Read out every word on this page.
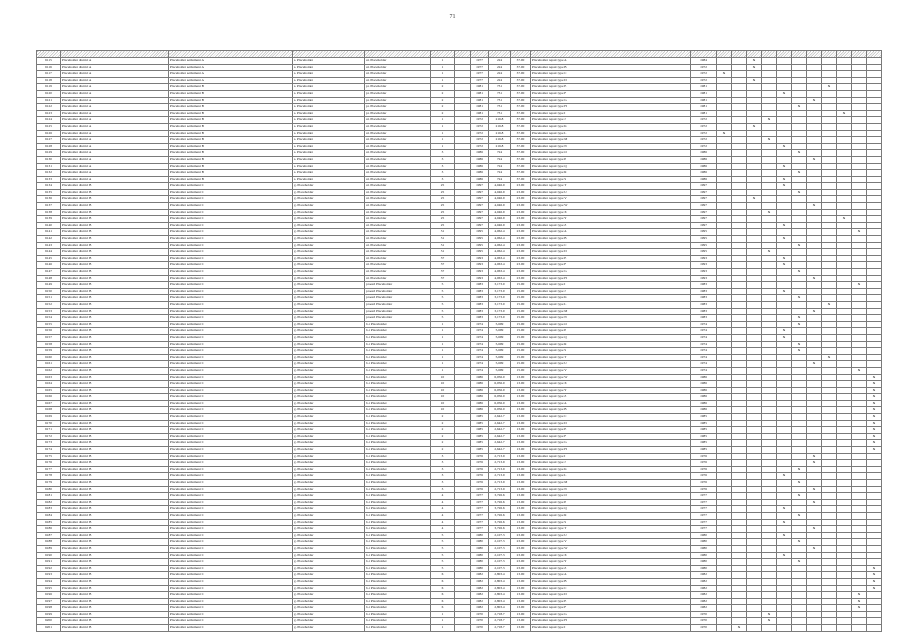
71

6115	Placeholder district A	Placeholder settlement A	s. Placeholder	ul. Placeholder	1		1977	224	37.00	Placeholder repair type A	1984			X								
6116	Placeholder district A	Placeholder settlement A	s. Placeholder	ul. Placeholder	1		1977	224	37.00	Placeholder repair type B	1972			X								
6117	Placeholder district A	Placeholder settlement A	s. Placeholder	ul. Placeholder	1		1977	224	37.00	Placeholder repair type C	1972	X										
6118	Placeholder district A	Placeholder settlement A	s. Placeholder	ul. Placeholder	1		1977	224	37.00	Placeholder repair type D	1972			X								
6119	Placeholder district A	Placeholder settlement B	s. Placeholder	pr. Placeholder	2		1981	731	37.00	Placeholder repair type E	1981								X			
6120	Placeholder district A	Placeholder settlement B	s. Placeholder	pr. Placeholder	2		1981	731	37.00	Placeholder repair type F	1981					X						
6121	Placeholder district A	Placeholder settlement B	s. Placeholder	pr. Placeholder	2		1981	731	37.00	Placeholder repair type G	1981							X				
6122	Placeholder district A	Placeholder settlement B	s. Placeholder	pr. Placeholder	2		1981	731	37.00	Placeholder repair type H	1981						X					
6123	Placeholder district A	Placeholder settlement B	s. Placeholder	pr. Placeholder	2		1981	731	37.00	Placeholder repair type I	1981									X		
6124	Placeholder district A	Placeholder settlement B	s. Placeholder	ul. Placeholder	1		1972	216.8	37.00	Placeholder repair type J	1972				X							
6125	Placeholder district A	Placeholder settlement B	s. Placeholder	ul. Placeholder	1		1972	216.8	37.00	Placeholder repair type K	1972			X								
6126	Placeholder district A	Placeholder settlement B	s. Placeholder	ul. Placeholder	1		1972	216.8	37.00	Placeholder repair type L	1972	X										
6127	Placeholder district A	Placeholder settlement B	s. Placeholder	ul. Placeholder	1		1972	216.8	37.00	Placeholder repair type M	1972				X							
6128	Placeholder district A	Placeholder settlement B	s. Placeholder	ul. Placeholder	1		1972	216.8	37.00	Placeholder repair type N	1972					X						
6129	Placeholder district A	Placeholder settlement B	s. Placeholder	ul. Placeholder	3		1986	724	37.00	Placeholder repair type O	1986						X					
6130	Placeholder district A	Placeholder settlement B	s. Placeholder	ul. Placeholder	3		1986	724	37.00	Placeholder repair type P	1986							X				
6131	Placeholder district A	Placeholder settlement B	s. Placeholder	ul. Placeholder	3		1986	724	37.00	Placeholder repair type Q	1986					X						
6132	Placeholder district A	Placeholder settlement B	s. Placeholder	ul. Placeholder	3		1986	724	37.00	Placeholder repair type R	1986						X					
6133	Placeholder district A	Placeholder settlement B	s. Placeholder	ul. Placeholder	3		1986	724	37.00	Placeholder repair type S	1986					X						
6134	Placeholder district B	Placeholder settlement C	g. Placeholder	ul. Placeholder	25		1997	4,046.9	23.00	Placeholder repair type T	1997					X						
6135	Placeholder district B	Placeholder settlement C	g. Placeholder	ul. Placeholder	25		1997	4,046.9	23.00	Placeholder repair type U	1997						X					
6136	Placeholder district B	Placeholder settlement C	g. Placeholder	ul. Placeholder	25		1997	4,046.9	23.00	Placeholder repair type V	1997			X								
6137	Placeholder district B	Placeholder settlement C	g. Placeholder	ul. Placeholder	25		1997	4,046.9	23.00	Placeholder repair type W	1997							X				
6138	Placeholder district B	Placeholder settlement C	g. Placeholder	ul. Placeholder	25		1997	4,046.9	23.00	Placeholder repair type X	1997				X							
6139	Placeholder district B	Placeholder settlement C	g. Placeholder	ul. Placeholder	25		1997	4,046.9	23.00	Placeholder repair type Y	1997									X		
6140	Placeholder district B	Placeholder settlement C	g. Placeholder	ul. Placeholder	25		1997	4,046.9	23.00	Placeholder repair type Z	1997					X						
6141	Placeholder district B	Placeholder settlement C	g. Placeholder	ul. Placeholder	31		1995	4,062.4	23.00	Placeholder repair type A	1995										X	
6142	Placeholder district B	Placeholder settlement C	g. Placeholder	ul. Placeholder	31		1995	4,062.4	23.00	Placeholder repair type B	1995					X						
6143	Placeholder district B	Placeholder settlement C	g. Placeholder	ul. Placeholder	31		1995	4,062.4	23.00	Placeholder repair type C	1995						X					
6144	Placeholder district B	Placeholder settlement C	g. Placeholder	ul. Placeholder	31		1995	4,062.4	23.00	Placeholder repair type D	1995				X							
6145	Placeholder district B	Placeholder settlement C	g. Placeholder	ul. Placeholder	37		1993	4,063.4	23.00	Placeholder repair type E	1993					X						
6146	Placeholder district B	Placeholder settlement C	g. Placeholder	ul. Placeholder	37		1993	4,063.4	23.00	Placeholder repair type F	1993					X						
6147	Placeholder district B	Placeholder settlement C	g. Placeholder	ul. Placeholder	37		1993	4,063.4	23.00	Placeholder repair type G	1993						X					
6148	Placeholder district B	Placeholder settlement C	g. Placeholder	ul. Placeholder	37		1993	4,063.4	23.00	Placeholder repair type H	1993							X				
6149	Placeholder district B	Placeholder settlement C	g. Placeholder	proezd Placeholder	5		1983	3,173.0	15.00	Placeholder repair type I	1983										X	
6150	Placeholder district B	Placeholder settlement C	g. Placeholder	proezd Placeholder	5		1983	3,173.0	15.00	Placeholder repair type J	1983					X						
6151	Placeholder district B	Placeholder settlement C	g. Placeholder	proezd Placeholder	5		1983	3,173.0	15.00	Placeholder repair type K	1983						X					
6152	Placeholder district B	Placeholder settlement C	g. Placeholder	proezd Placeholder	5		1983	3,173.0	15.00	Placeholder repair type L	1983								X			
6153	Placeholder district B	Placeholder settlement C	g. Placeholder	proezd Placeholder	5		1983	3,173.0	15.00	Placeholder repair type M	1983							X				
6154	Placeholder district B	Placeholder settlement C	g. Placeholder	proezd Placeholder	5		1983	3,173.0	15.00	Placeholder repair type N	1983						X					
6155	Placeholder district B	Placeholder settlement C	g. Placeholder	b-r Placeholder	1		1974	5,699	15.00	Placeholder repair type O	1974						X					
6156	Placeholder district B	Placeholder settlement C	g. Placeholder	b-r Placeholder	1		1974	5,699	15.00	Placeholder repair type P	1974					X						
6157	Placeholder district B	Placeholder settlement C	g. Placeholder	b-r Placeholder	1		1974	5,699	15.00	Placeholder repair type Q	1974					X						
6158	Placeholder district B	Placeholder settlement C	g. Placeholder	b-r Placeholder	1		1974	5,699	15.00	Placeholder repair type R	1974						X					
6159	Placeholder district B	Placeholder settlement C	g. Placeholder	b-r Placeholder	1		1974	5,699	15.00	Placeholder repair type S	1974						X					
6160	Placeholder district B	Placeholder settlement C	g. Placeholder	b-r Placeholder	1		1974	5,699	15.00	Placeholder repair type T	1974								X			
6161	Placeholder district B	Placeholder settlement C	g. Placeholder	b-r Placeholder	1		1974	5,699	15.00	Placeholder repair type U	1974							X				
6162	Placeholder district B	Placeholder settlement C	g. Placeholder	b-r Placeholder	1		1974	5,699	15.00	Placeholder repair type V	1974										X	
6163	Placeholder district B	Placeholder settlement C	g. Placeholder	b-r Placeholder	10		1986	6,056.0	13.00	Placeholder repair type W	1986											X
6164	Placeholder district B	Placeholder settlement C	g. Placeholder	b-r Placeholder	10		1986	6,056.0	13.00	Placeholder repair type X	1986											X
6165	Placeholder district B	Placeholder settlement C	g. Placeholder	b-r Placeholder	10		1986	6,056.0	13.00	Placeholder repair type Y	1986											X
6166	Placeholder district B	Placeholder settlement C	g. Placeholder	b-r Placeholder	10		1986	6,056.0	13.00	Placeholder repair type Z	1986											X
6167	Placeholder district B	Placeholder settlement C	g. Placeholder	b-r Placeholder	10		1986	6,056.0	13.00	Placeholder repair type A	1986											X
6168	Placeholder district B	Placeholder settlement C	g. Placeholder	b-r Placeholder	10		1986	6,056.0	13.00	Placeholder repair type B	1986											X
6169	Placeholder district B	Placeholder settlement C	g. Placeholder	b-r Placeholder	2		1985	2,642.7	13.00	Placeholder repair type C	1985											X
6170	Placeholder district B	Placeholder settlement C	g. Placeholder	b-r Placeholder	2		1985	2,642.7	13.00	Placeholder repair type D	1985											X
6171	Placeholder district B	Placeholder settlement C	g. Placeholder	b-r Placeholder	2		1985	2,642.7	13.00	Placeholder repair type E	1985											X
6172	Placeholder district B	Placeholder settlement C	g. Placeholder	b-r Placeholder	2		1985	2,642.7	13.00	Placeholder repair type F	1985											X
6173	Placeholder district B	Placeholder settlement C	g. Placeholder	b-r Placeholder	2		1985	2,642.7	13.00	Placeholder repair type G	1985											X
6174	Placeholder district B	Placeholder settlement C	g. Placeholder	b-r Placeholder	2		1985	2,642.7	13.00	Placeholder repair type H	1985											X
6175	Placeholder district B	Placeholder settlement C	g. Placeholder	b-r Placeholder	3		1976	2,713.9	13.00	Placeholder repair type I	1976							X				
6176	Placeholder district B	Placeholder settlement C	g. Placeholder	b-r Placeholder	3		1976	2,713.9	13.00	Placeholder repair type J	1976							X				
6177	Placeholder district B	Placeholder settlement C	g. Placeholder	b-r Placeholder	3		1976	2,713.9	13.00	Placeholder repair type K	1976						X					
6178	Placeholder district B	Placeholder settlement C	g. Placeholder	b-r Placeholder	3		1976	2,713.9	13.00	Placeholder repair type L	1976					X						
6179	Placeholder district B	Placeholder settlement C	g. Placeholder	b-r Placeholder	3		1976	2,713.9	13.00	Placeholder repair type M	1976						X					
6180	Placeholder district B	Placeholder settlement C	g. Placeholder	b-r Placeholder	3		1976	2,713.9	13.00	Placeholder repair type N	1976							X				
6181	Placeholder district B	Placeholder settlement C	g. Placeholder	b-r Placeholder	4		1977	3,726.6	13.00	Placeholder repair type O	1977						X					
6182	Placeholder district B	Placeholder settlement C	g. Placeholder	b-r Placeholder	4		1977	3,726.6	13.00	Placeholder repair type P	1977							X				
6183	Placeholder district B	Placeholder settlement C	g. Placeholder	b-r Placeholder	4		1977	3,726.6	13.00	Placeholder repair type Q	1977					X						
6184	Placeholder district B	Placeholder settlement C	g. Placeholder	b-r Placeholder	4		1977	3,726.6	13.00	Placeholder repair type R	1977						X					
6185	Placeholder district B	Placeholder settlement C	g. Placeholder	b-r Placeholder	4		1977	3,726.6	13.00	Placeholder repair type S	1977					X						
6186	Placeholder district B	Placeholder settlement C	g. Placeholder	b-r Placeholder	4		1977	3,726.6	13.00	Placeholder repair type T	1977							X				
6187	Placeholder district B	Placeholder settlement C	g. Placeholder	b-r Placeholder	5		1980	2,107.3	23.00	Placeholder repair type U	1980					X						
6188	Placeholder district B	Placeholder settlement C	g. Placeholder	b-r Placeholder	5		1980	2,107.3	23.00	Placeholder repair type V	1980						X					
6189	Placeholder district B	Placeholder settlement C	g. Placeholder	b-r Placeholder	5		1980	2,107.3	23.00	Placeholder repair type W	1980							X				
6190	Placeholder district B	Placeholder settlement C	g. Placeholder	b-r Placeholder	5		1980	2,107.3	23.00	Placeholder repair type X	1980					X						
6191	Placeholder district B	Placeholder settlement C	g. Placeholder	b-r Placeholder	5		1980	2,107.3	23.00	Placeholder repair type Y	1980						X					
6192	Placeholder district B	Placeholder settlement C	g. Placeholder	b-r Placeholder	5		1980	2,107.3	23.00	Placeholder repair type Z	1980											X
6193	Placeholder district B	Placeholder settlement C	g. Placeholder	b-r Placeholder	6		1982	2,803.4	13.00	Placeholder repair type A	1982											X
6194	Placeholder district B	Placeholder settlement C	g. Placeholder	b-r Placeholder	6		1982	2,803.4	13.00	Placeholder repair type B	1982											X
6195	Placeholder district B	Placeholder settlement C	g. Placeholder	b-r Placeholder	6		1982	2,803.4	13.00	Placeholder repair type C	1982											X
6196	Placeholder district B	Placeholder settlement C	g. Placeholder	b-r Placeholder	6		1982	2,803.4	13.00	Placeholder repair type D	1982										X	
6197	Placeholder district B	Placeholder settlement C	g. Placeholder	b-r Placeholder	6		1982	2,803.4	13.00	Placeholder repair type E	1982										X	
6198	Placeholder district B	Placeholder settlement C	g. Placeholder	b-r Placeholder	6		1982	2,803.4	13.00	Placeholder repair type F	1982										X	
6199	Placeholder district B	Placeholder settlement C	g. Placeholder	b-r Placeholder	1		1970	2,718.7	13.00	Placeholder repair type G	1970				X							
6200	Placeholder district B	Placeholder settlement C	g. Placeholder	b-r Placeholder	1		1970	2,718.7	13.00	Placeholder repair type H	1970				X							
6201	Placeholder district B	Placeholder settlement C	g. Placeholder	b-r Placeholder	1		1970	2,718.7	13.00	Placeholder repair type I	1970		X									
